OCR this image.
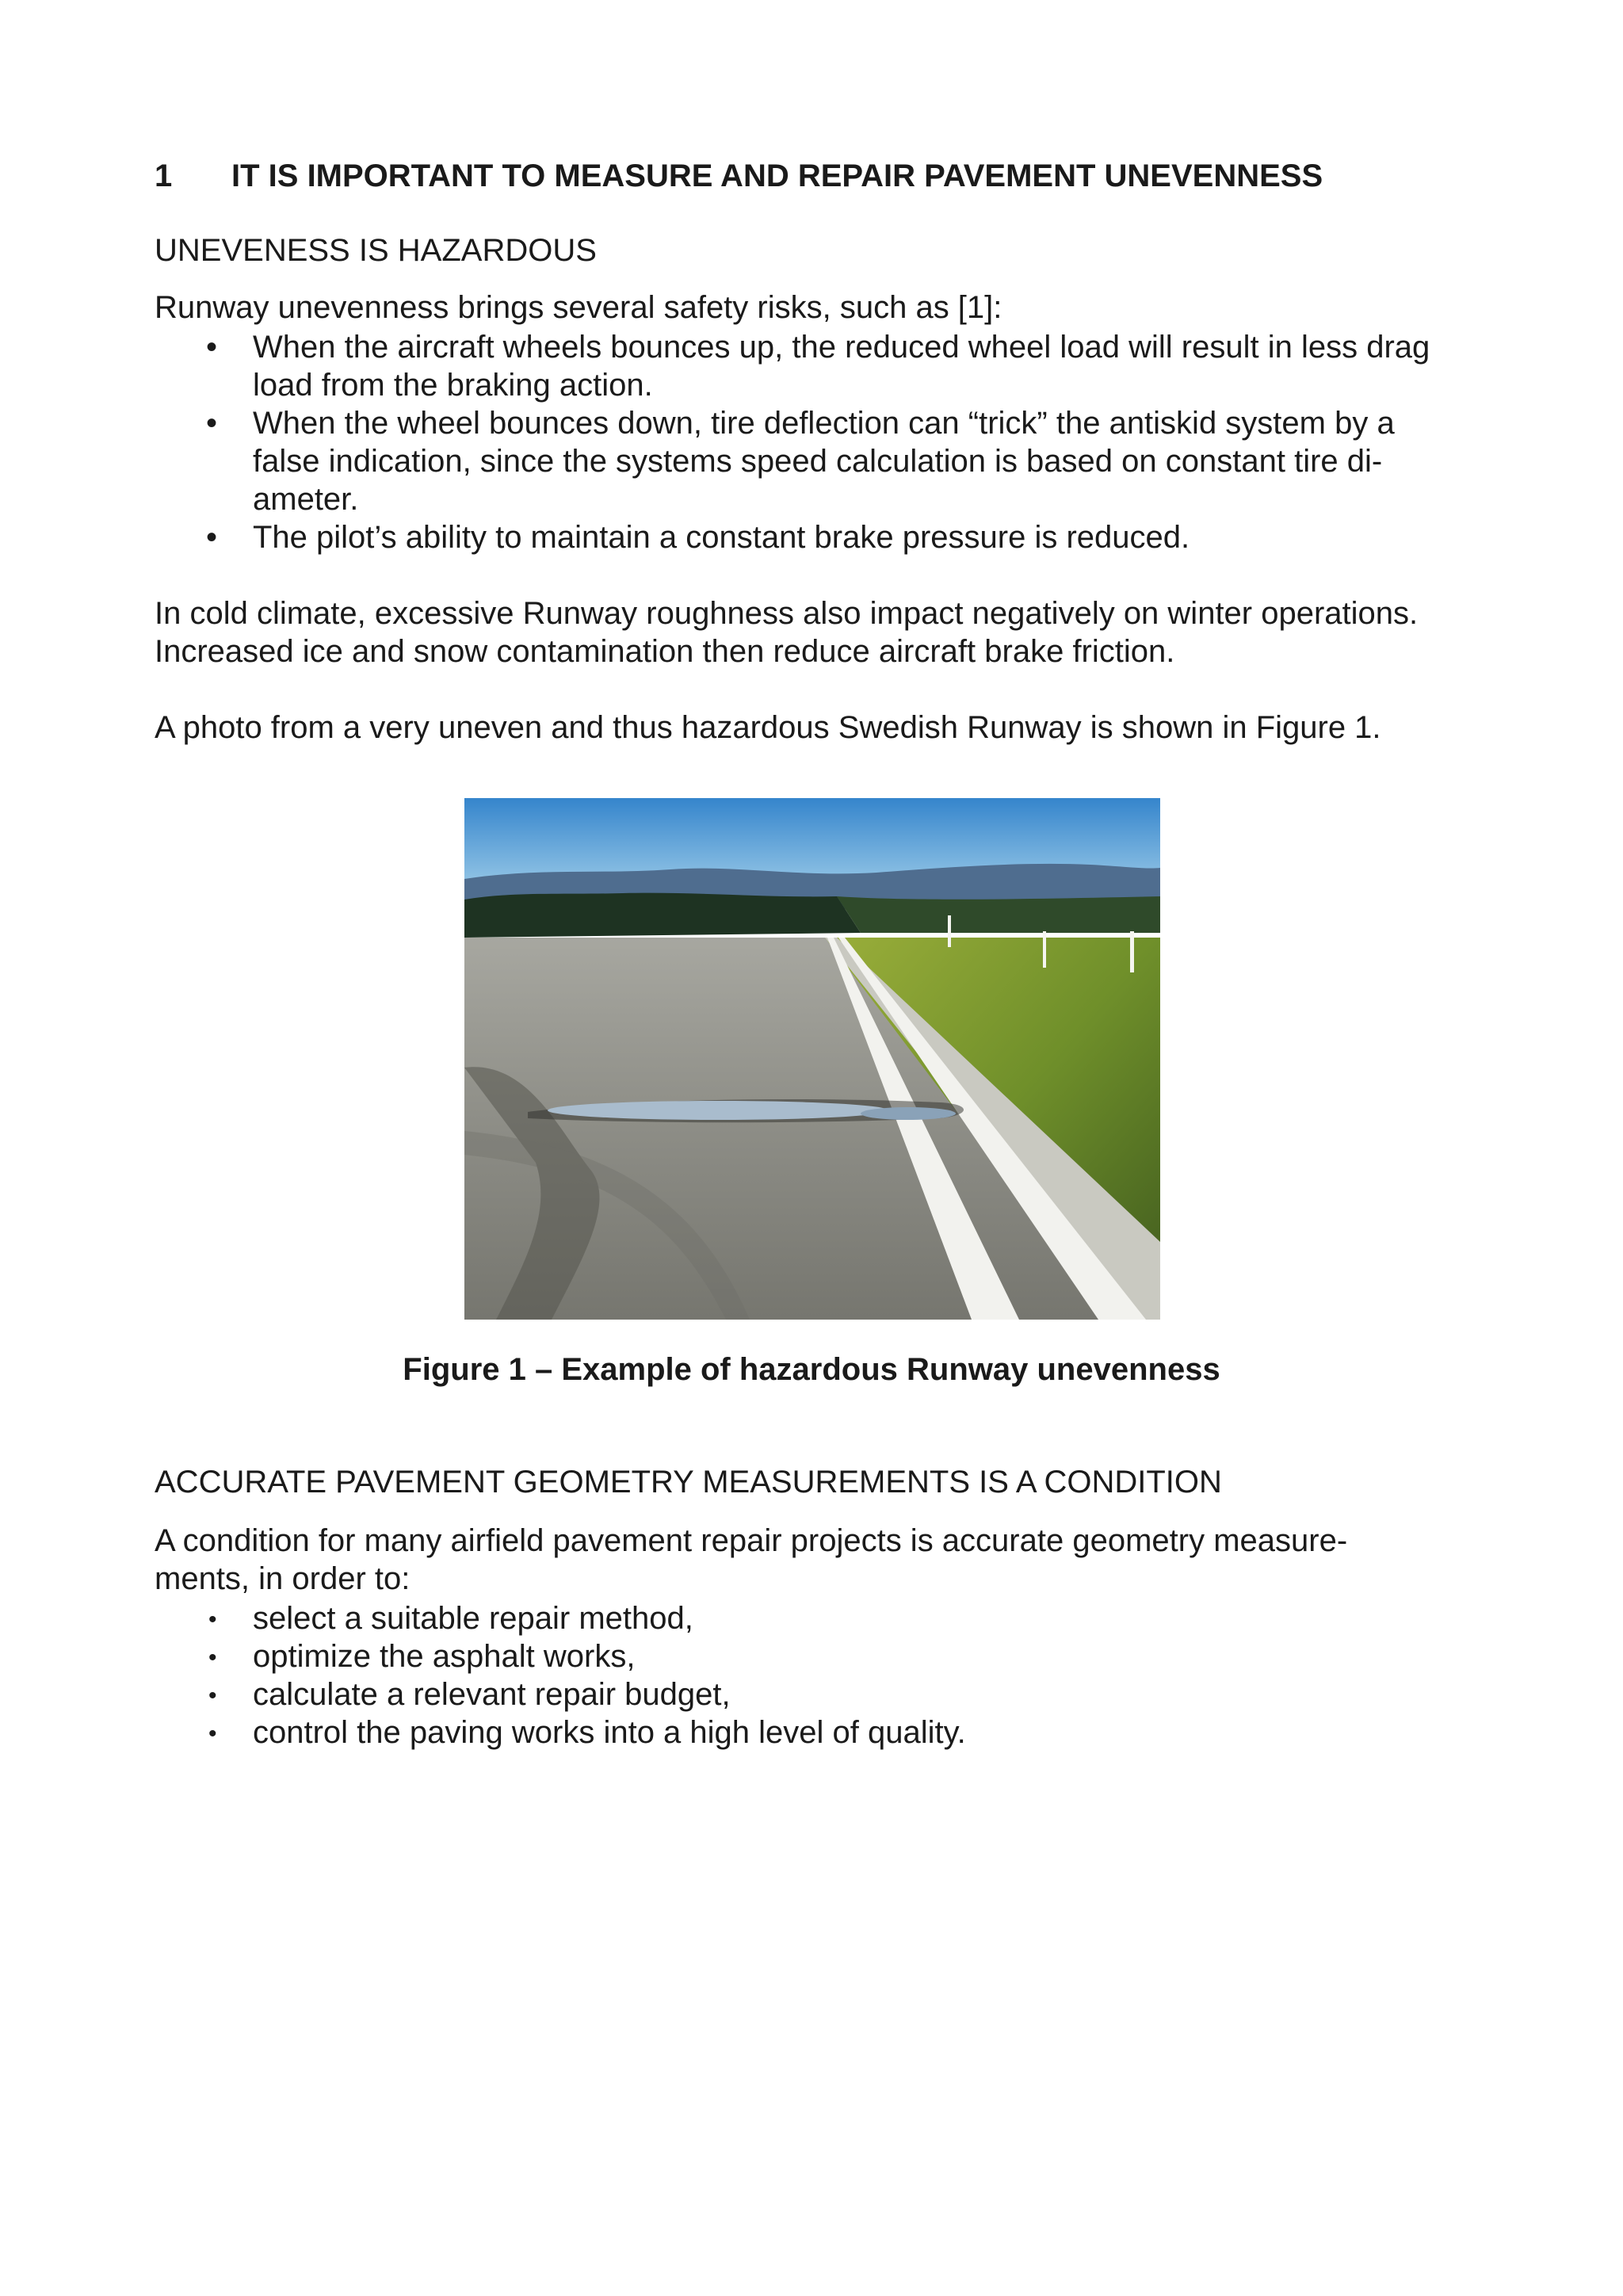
1 IT IS IMPORTANT TO MEASURE AND REPAIR PAVEMENT UNEVENNESS
UNEVENESS IS HAZARDOUS
Runway unevenness brings several safety risks, such as [1]:
• When the aircraft wheels bounces up, the reduced wheel load will result in less drag
load from the braking action.
• When the wheel bounces down, tire deflection can “trick” the antiskid system by a
false indication, since the systems speed calculation is based on constant tire di-
ameter.
• The pilot’s ability to maintain a constant brake pressure is reduced.
In cold climate, excessive Runway roughness also impact negatively on winter operations.
Increased ice and snow contamination then reduce aircraft brake friction.
A photo from a very uneven and thus hazardous Swedish Runway is shown in Figure 1.
Figure 1 – Example of hazardous Runway unevenness
ACCURATE PAVEMENT GEOMETRY MEASUREMENTS IS A CONDITION
A condition for many airfield pavement repair projects is accurate geometry measure-
ments, in order to:
• select a suitable repair method,
• optimize the asphalt works,
• calculate a relevant repair budget,
• control the paving works into a high level of quality.
